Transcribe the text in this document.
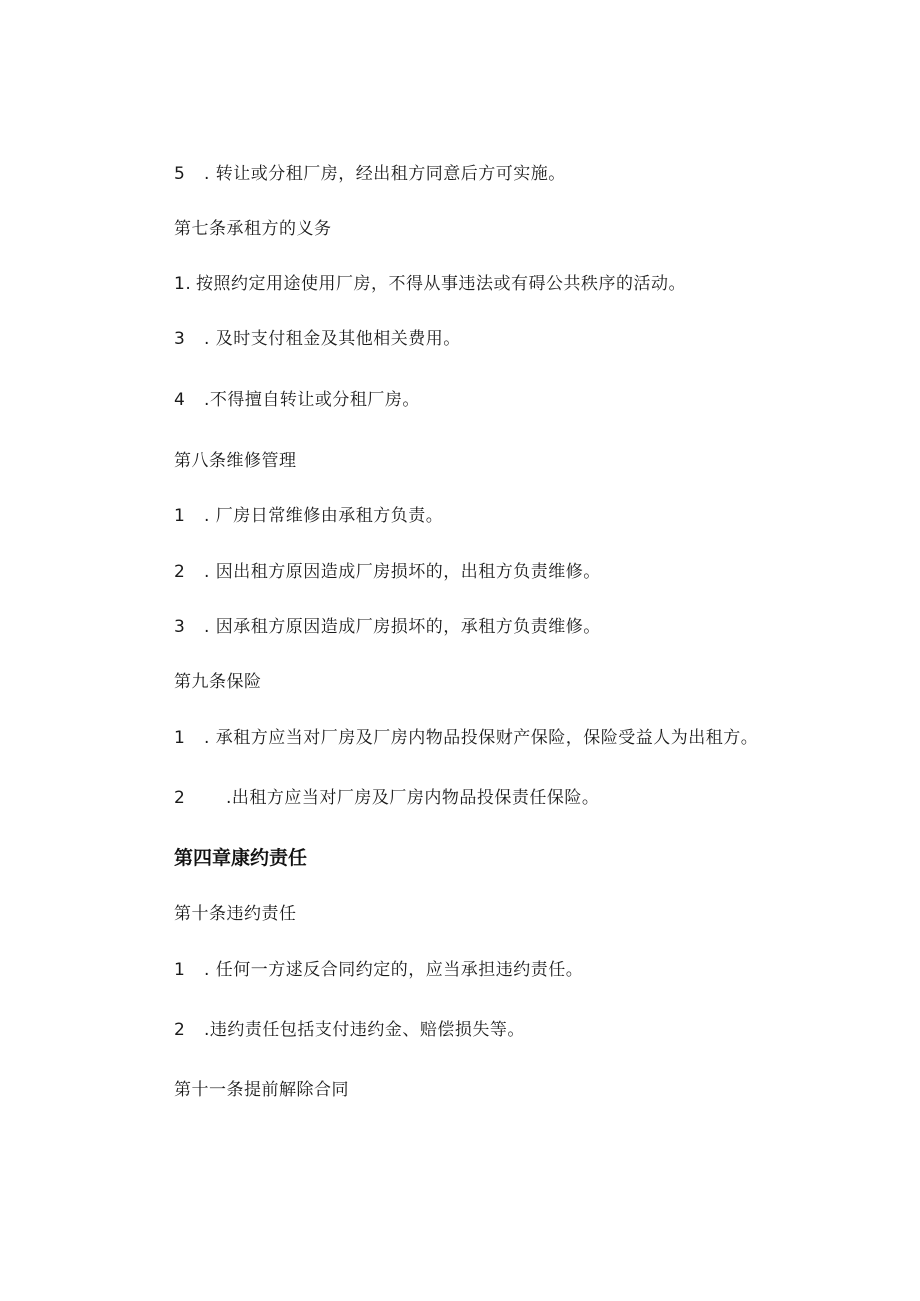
5 . 转让或分租厂房，经出租方同意后方可实施。
第七条承租方的义务
1. 按照约定用途使用厂房，不得从事违法或有碍公共秩序的活动。
3 . 及时支付租金及其他相关费用。
4 .不得擅自转让或分租厂房。
第八条维修管理
1 . 厂房日常维修由承租方负责。
2 . 因出租方原因造成厂房损坏的，出租方负责维修。
3 . 因承租方原因造成厂房损坏的，承租方负责维修。
第九条保险
1 . 承租方应当对厂房及厂房内物品投保财产保险，保险受益人为出租方。
2 .出租方应当对厂房及厂房内物品投保责任保险。
第四章康约责任
第十条违约责任
1 . 任何一方逑反合同约定的，应当承担违约责任。
2 .违约责任包括支付违约金、赔偿损失等。
第十一条提前解除合同
